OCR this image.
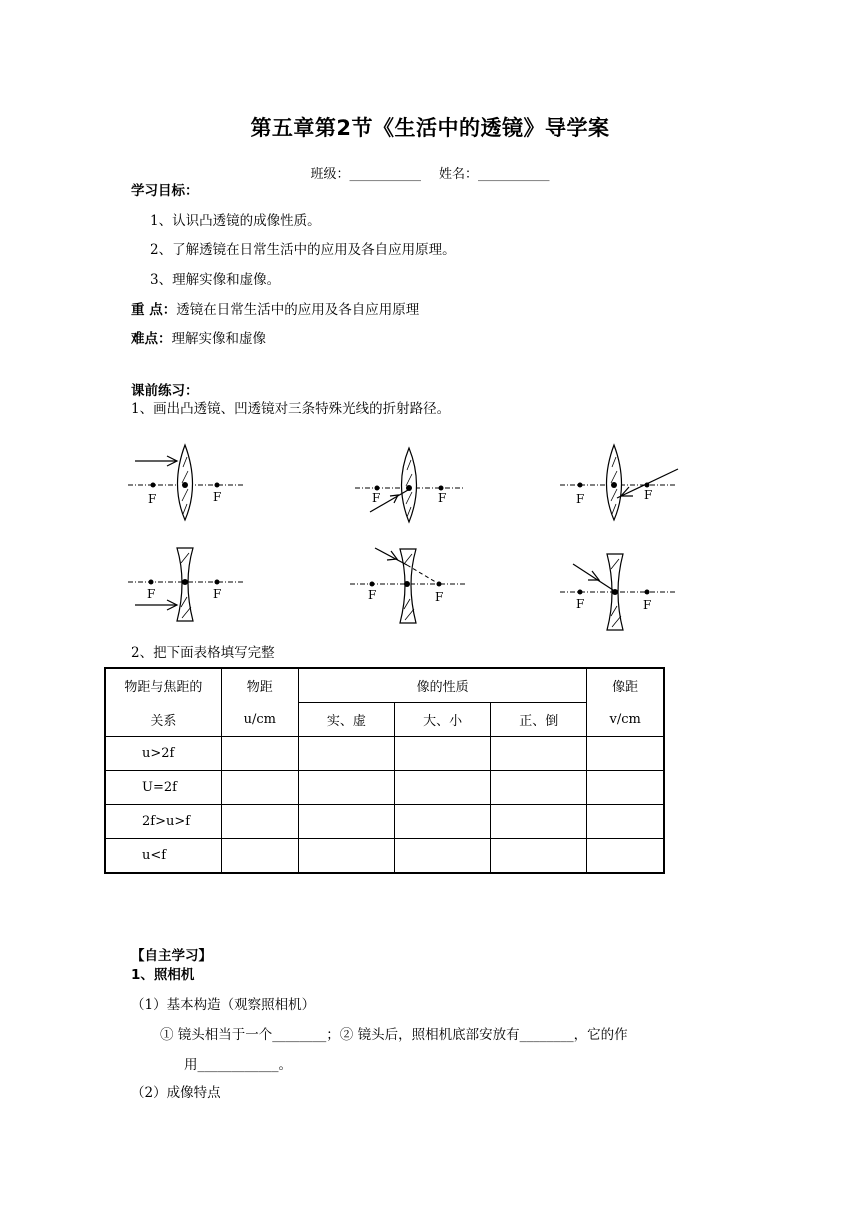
第五章第2节《生活中的透镜》导学案
班级：___________ 姓名：___________
学习目标：
1、认识凸透镜的成像性质。
2、了解透镜在日常生活中的应用及各自应用原理。
3、理解实像和虚像。
重 点：透镜在日常生活中的应用及各自应用原理
难点：理解实像和虚像
课前练习：
1、画出凸透镜、凹透镜对三条特殊光线的折射路径。
F	F	F	F	F	F
F	F	F	F	F	F
2、把下面表格填写完整
物距与焦距的	物距	像的性质			像距
关系	u/cm	实、虚	大、小	正、倒	v/cm
u>2f					
U=2f					
2f>u>f					
u<f					
【自主学习】
1、照相机
（1）基本构造（观察照相机）
① 镜头相当于一个________；② 镜头后，照相机底部安放有________，它的作
用____________。
（2）成像特点
